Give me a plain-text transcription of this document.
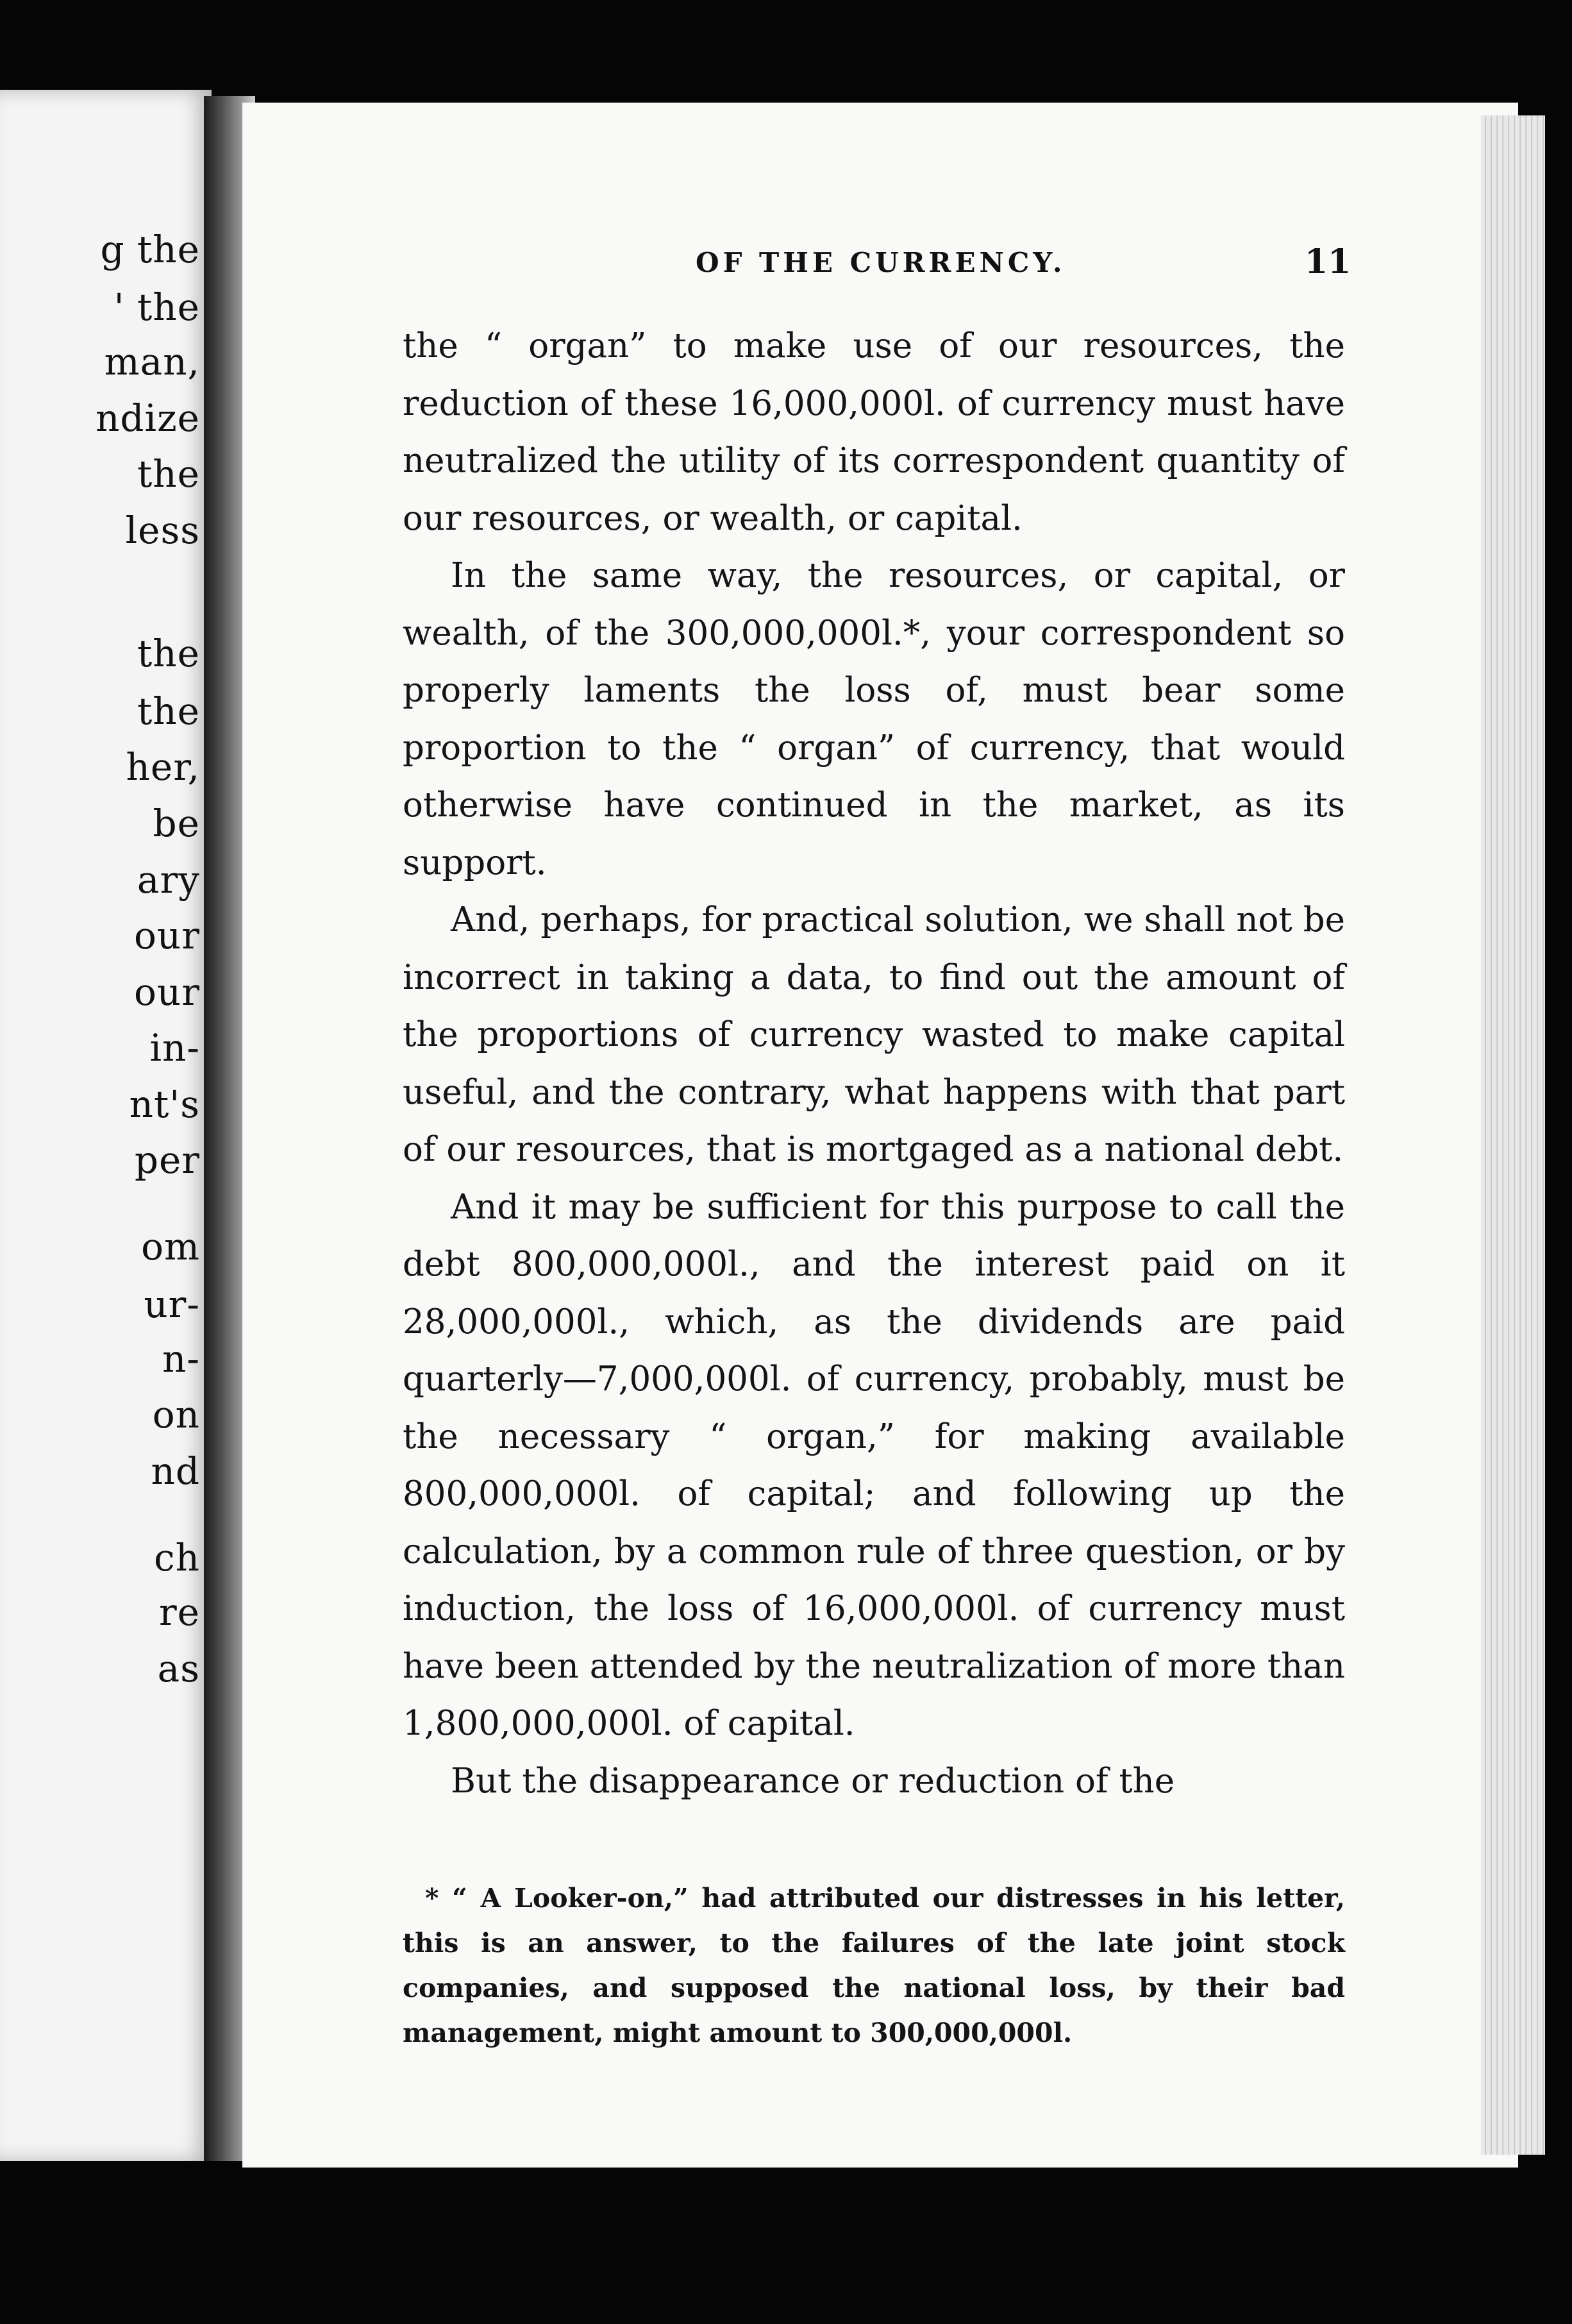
g the
' the
man,
ndize
the
less
the
the
her,
be
ary
our
our
in-
nt's
per
om
ur-
n-
on
nd
ch
re
as
OF THE CURRENCY.	11

the “ organ” to make use of our resources, the reduction of these 16,000,000l. of currency must have neutralized the utility of its correspondent quantity of our resources, or wealth, or capital.

In the same way, the resources, or capital, or wealth, of the 300,000,000l.*, your correspondent so properly laments the loss of, must bear some proportion to the “ organ” of currency, that would otherwise have continued in the market, as its support.

And, perhaps, for practical solution, we shall not be incorrect in taking a data, to find out the amount of the proportions of currency wasted to make capital useful, and the contrary, what happens with that part of our resources, that is mortgaged as a national debt.

And it may be sufficient for this purpose to call the debt 800,000,000l., and the interest paid on it 28,000,000l., which, as the dividends are paid quarterly—7,000,000l. of currency, probably, must be the necessary “ organ,” for making available 800,000,000l. of capital; and following up the calculation, by a common rule of three question, or by induction, the loss of 16,000,000l. of currency must have been attended by the neutralization of more than 1,800,000,000l. of capital.

But the disappearance or reduction of the

* “ A Looker-on,” had attributed our distresses in his letter, this is an answer, to the failures of the late joint stock companies, and supposed the national loss, by their bad management, might amount to 300,000,000l.
